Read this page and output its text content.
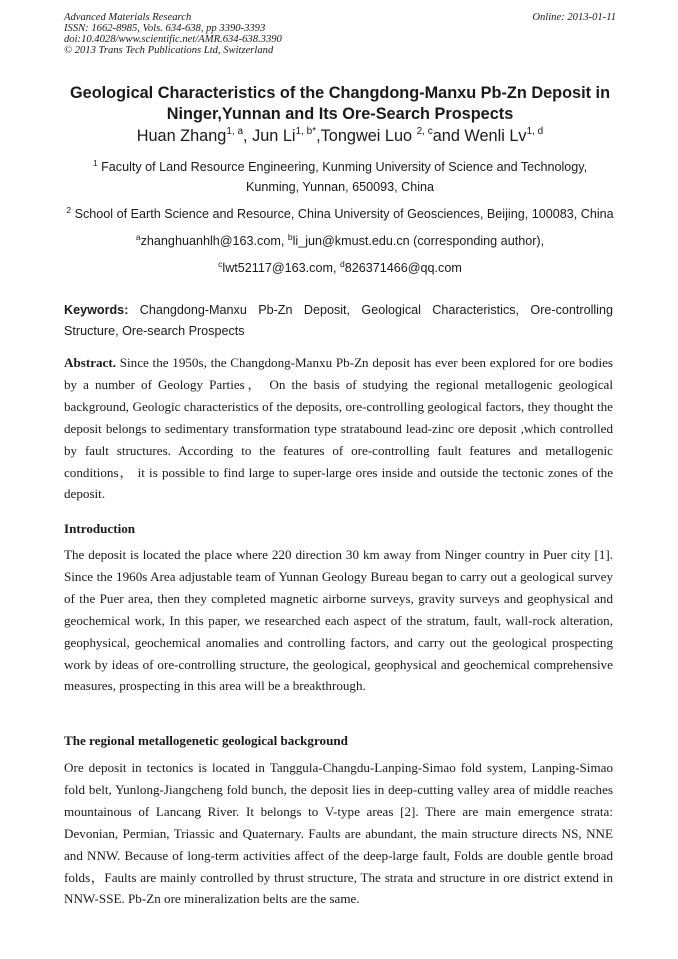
Advanced Materials Research
ISSN: 1662-8985, Vols. 634-638, pp 3390-3393
doi:10.4028/www.scientific.net/AMR.634-638.3390
© 2013 Trans Tech Publications Ltd, Switzerland
Online: 2013-01-11
Geological Characteristics of the Changdong-Manxu Pb-Zn Deposit in
Ninger,Yunnan and Its Ore-Search Prospects
Huan Zhang$^{1, a}$, Jun $Li^{1, b*},Tongwei$ Luo $^{2, c}$and Wenli Lv$^{1, d}$
$^1$ Faculty of Land Resource Engineering, Kunming University of Science and Technology,
Kunming, Yunnan, 650093, China
$^2$ School of Earth Science and Resource, China University of Geosciences, Beijing, 100083, China
$^a$zhanghuanhlh@163.com, $^b$li_jun@kmust.edu.cn (corresponding author),
$^c$lwt52117@163.com, $^d$826371466@qq.com
Keywords: Changdong-Manxu Pb-Zn Deposit, Geological Characteristics, Ore-controlling Structure, Ore-search Prospects
Abstract. Since the 1950s, the Changdong-Manxu Pb-Zn deposit has ever been explored for ore bodies by a number of Geology Parties， On the basis of studying the regional metallogenic geological background, Geologic characteristics of the deposits, ore-controlling geological factors, they thought the deposit belongs to sedimentary transformation type stratabound lead-zinc ore deposit ,which controlled by fault structures. According to the features of ore-controlling fault features and metallogenic conditions， it is possible to find large to super-large ores inside and outside the tectonic zones of the deposit.
Introduction
The deposit is located the place where 220 direction 30 km away from Ninger country in Puer city [1]. Since the 1960s Area adjustable team of Yunnan Geology Bureau began to carry out a geological survey of the Puer area, then they completed magnetic airborne surveys, gravity surveys and geophysical and geochemical work, In this paper, we researched each aspect of the stratum, fault, wall-rock alteration, geophysical, geochemical anomalies and controlling factors, and carry out the geological prospecting work by ideas of ore-controlling structure, the geological, geophysical and geochemical comprehensive measures, prospecting in this area will be a breakthrough.
The regional metallogenetic geological background
Ore deposit in tectonics is located in Tanggula-Changdu-Lanping-Simao fold system, Lanping-Simao fold belt, Yunlong-Jiangcheng fold bunch, the deposit lies in deep-cutting valley area of middle reaches mountainous of Lancang River. It belongs to V-type areas [2]. There are main emergence strata: Devonian, Permian, Triassic and Quaternary. Faults are abundant, the main structure directs NS, NNE and NNW. Because of long-term activities affect of the deep-large fault, Folds are double gentle broad folds，Faults are mainly controlled by thrust structure, The strata and structure in ore district extend in NNW-SSE. Pb-Zn ore mineralization belts are the same.
